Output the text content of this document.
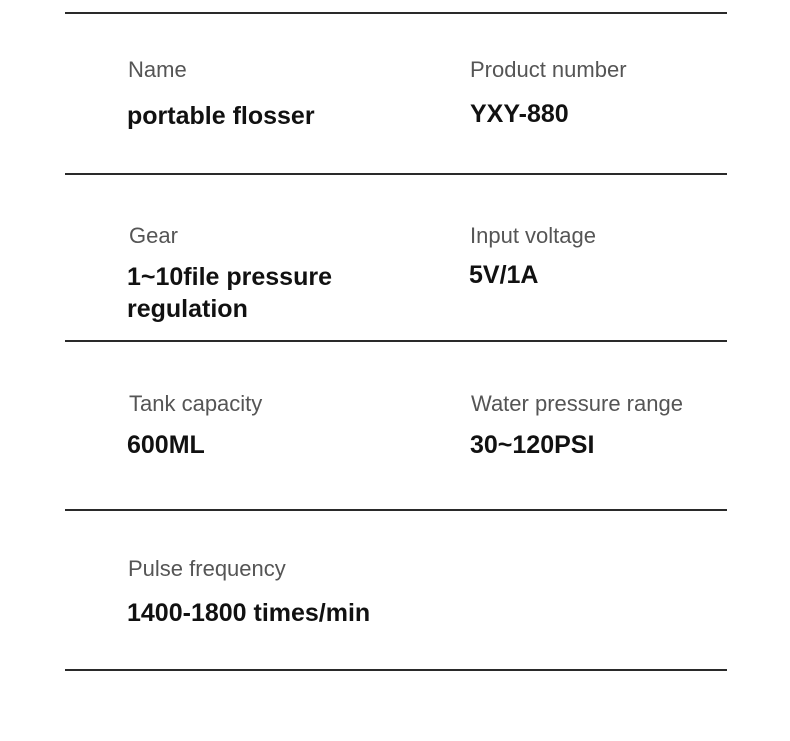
Name
portable flosser
Product number
YXY-880
Gear
1~10file pressure
regulation
Input voltage
5V/1A
Tank capacity
600ML
Water pressure range
30~120PSI
Pulse frequency
1400-1800 times/min
